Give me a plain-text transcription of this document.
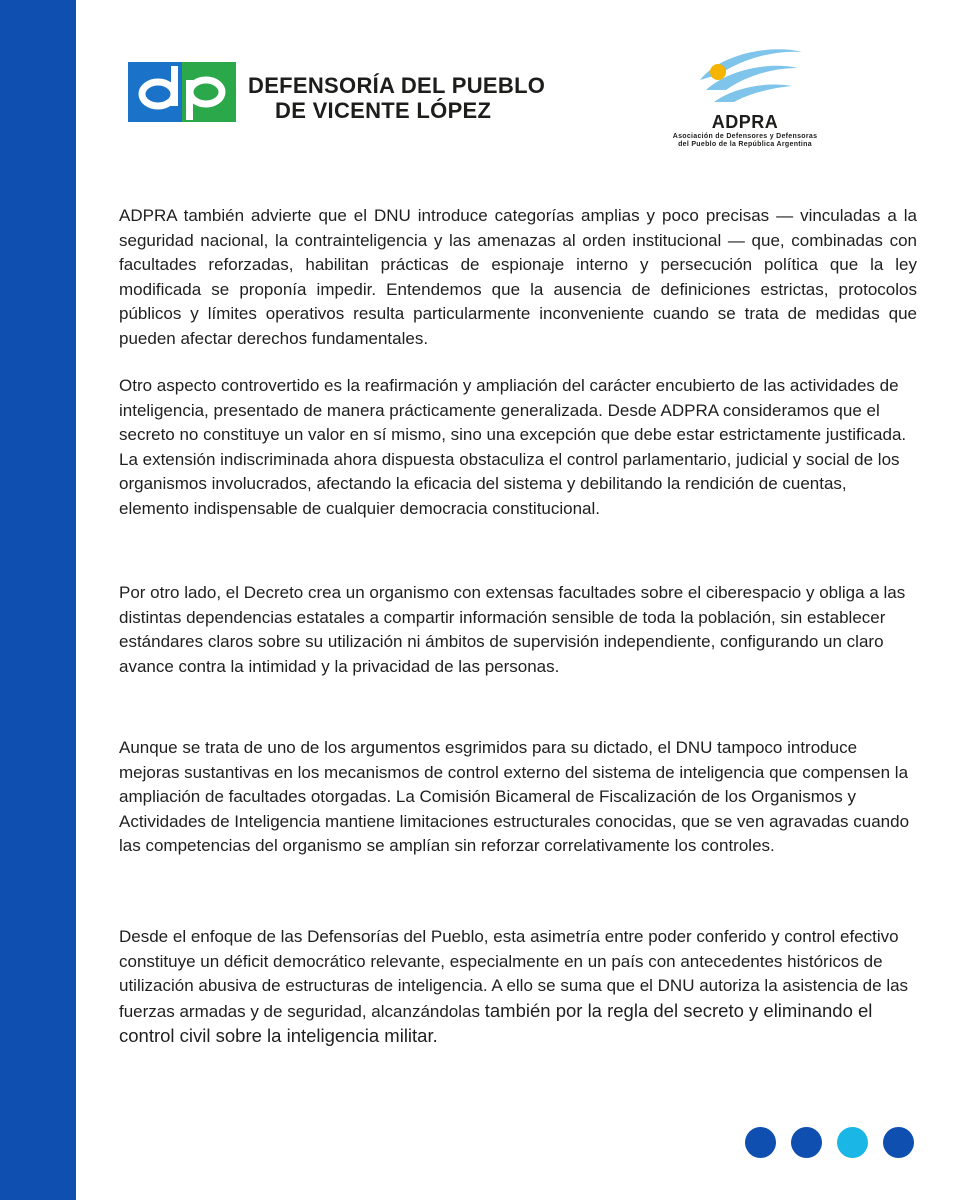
DEFENSORÍA DEL PUEBLO
DE VICENTE LÓPEZ	ADPRA
Asociación de Defensores y Defensoras
del Pueblo de la República Argentina

ADPRA también advierte que el DNU introduce categorías amplias y poco precisas — vinculadas a la seguridad nacional, la contrainteligencia y las amenazas al orden institucional — que, combinadas con facultades reforzadas, habilitan prácticas de espionaje interno y persecución política que la ley modificada se proponía impedir. Entendemos que la ausencia de definiciones estrictas, protocolos públicos y límites operativos resulta particularmente inconveniente cuando se trata de medidas que pueden afectar derechos fundamentales.

Otro aspecto controvertido es la reafirmación y ampliación del carácter encubierto de las actividades de inteligencia, presentado de manera prácticamente generalizada. Desde ADPRA consideramos que el secreto no constituye un valor en sí mismo, sino una excepción que debe estar estrictamente justificada. La extensión indiscriminada ahora dispuesta obstaculiza el control parlamentario, judicial y social de los organismos involucrados, afectando la eficacia del sistema y debilitando la rendición de cuentas, elemento indispensable de cualquier democracia constitucional.

Por otro lado, el Decreto crea un organismo con extensas facultades sobre el ciberespacio y obliga a las distintas dependencias estatales a compartir información sensible de toda la población, sin establecer estándares claros sobre su utilización ni ámbitos de supervisión independiente, configurando un claro avance contra la intimidad y la privacidad de las personas.

Aunque se trata de uno de los argumentos esgrimidos para su dictado, el DNU tampoco introduce mejoras sustantivas en los mecanismos de control externo del sistema de inteligencia que compensen la ampliación de facultades otorgadas. La Comisión Bicameral de Fiscalización de los Organismos y Actividades de Inteligencia mantiene limitaciones estructurales conocidas, que se ven agravadas cuando las competencias del organismo se amplían sin reforzar correlativamente los controles.

Desde el enfoque de las Defensorías del Pueblo, esta asimetría entre poder conferido y control efectivo constituye un déficit democrático relevante, especialmente en un país con antecedentes históricos de utilización abusiva de estructuras de inteligencia. A ello se suma que el DNU autoriza la asistencia de las fuerzas armadas y de seguridad, alcanzándolas también por la regla del secreto y eliminando el control civil sobre la inteligencia militar.
